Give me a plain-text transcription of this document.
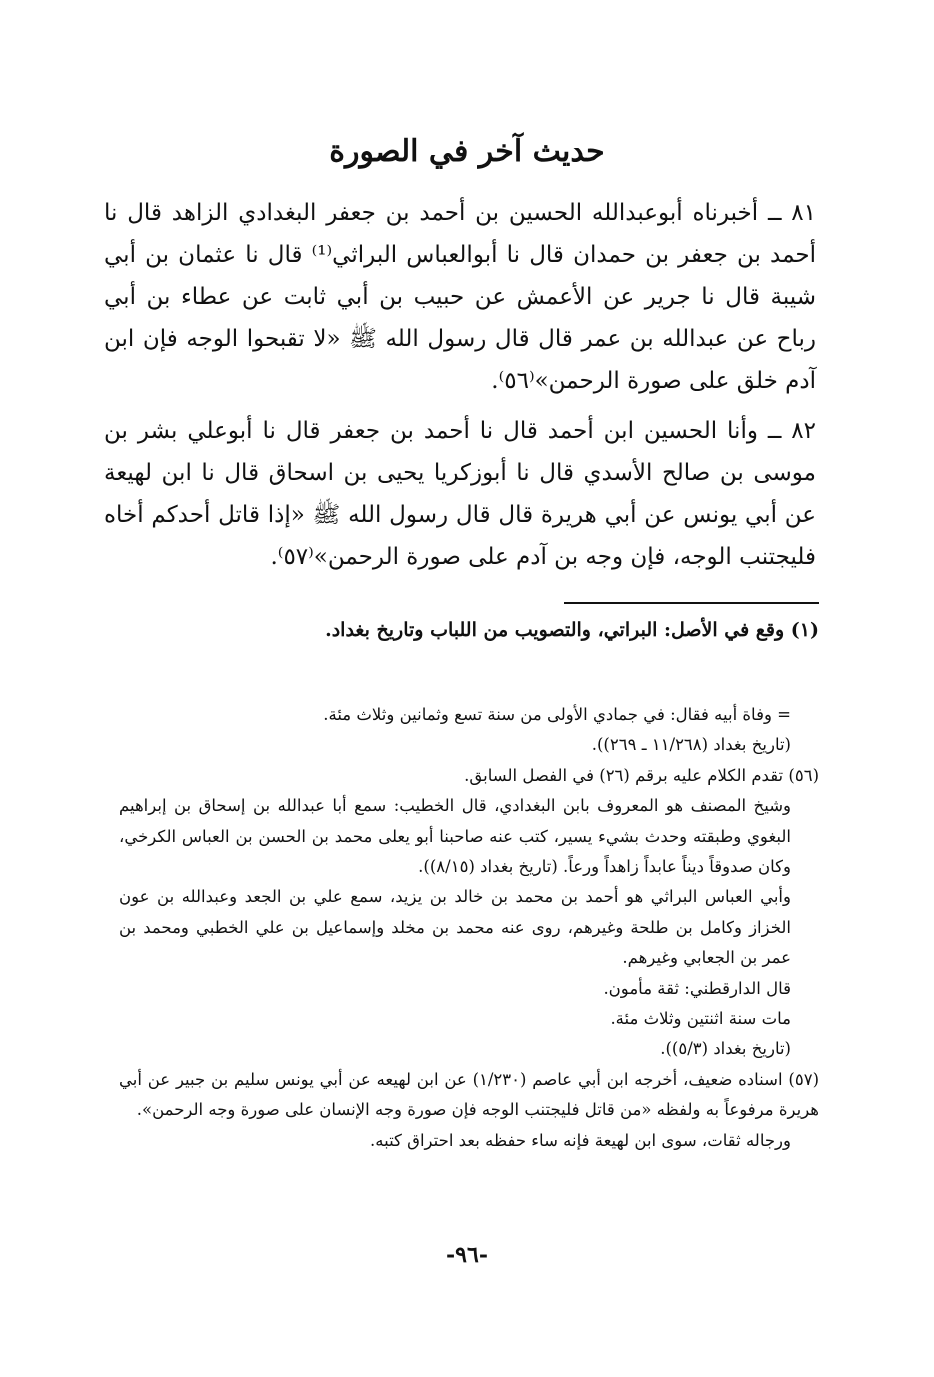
حديث آخر في الصورة

٨١ ــ أخبرناه أبوعبدالله الحسين بن أحمد بن جعفر البغدادي الزاهد قال نا أحمد بن جعفر بن حمدان قال نا أبوالعباس البراثي⁽¹⁾ قال نا عثمان بن أبي شيبة قال نا جرير عن الأعمش عن حبيب بن أبي ثابت عن عطاء بن أبي رباح عن عبدالله بن عمر قال قال رسول الله ﷺ «لا تقبحوا الوجه فإن ابن آدم خلق على صورة الرحمن»⁽٥٦⁾.

٨٢ ــ وأنا الحسين ابن أحمد قال نا أحمد بن جعفر قال نا أبوعلي بشر بن موسى بن صالح الأسدي قال نا أبوزكريا يحيى بن اسحاق قال نا ابن لهيعة عن أبي يونس عن أبي هريرة قال قال رسول الله ﷺ «إذا قاتل أحدكم أخاه فليجتنب الوجه، فإن وجه بن آدم على صورة الرحمن»⁽٥٧⁾.

(١) وقع في الأصل: البراتي، والتصويب من اللباب وتاريخ بغداد.

= وفاة أبيه فقال: في جمادي الأولى من سنة تسع وثمانين وثلاث مئة.

(تاريخ بغداد (١١/٢٦٨ ـ ٢٦٩)).

(٥٦) تقدم الكلام عليه برقم (٢٦) في الفصل السابق.

وشيخ المصنف هو المعروف بابن البغدادي، قال الخطيب: سمع أبا عبدالله بن إسحاق بن إبراهيم البغوي وطبقته وحدث بشيء يسير، كتب عنه صاحبنا أبو يعلى محمد بن الحسن بن العباس الكرخي، وكان صدوقاً ديناً عابداً زاهداً ورعاً. (تاريخ بغداد (٨/١٥)).

وأبي العباس البراثي هو أحمد بن محمد بن خالد بن يزيد، سمع علي بن الجعد وعبدالله بن عون الخزاز وكامل بن طلحة وغيرهم، روى عنه محمد بن مخلد وإسماعيل بن علي الخطبي ومحمد بن عمر بن الجعابي وغيرهم.

قال الدارقطني: ثقة مأمون.

مات سنة اثنتين وثلاث مئة.

(تاريخ بغداد (٥/٣)).

(٥٧) اسناده ضعيف، أخرجه ابن أبي عاصم (١/٢٣٠) عن ابن لهيعه عن أبي يونس سليم بن جبير عن أبي هريرة مرفوعاً به ولفظه «من قاتل فليجتنب الوجه فإن صورة وجه الإنسان على صورة وجه الرحمن».

ورجاله ثقات، سوى ابن لهيعة فإنه ساء حفظه بعد احتراق كتبه.

-٩٦-
